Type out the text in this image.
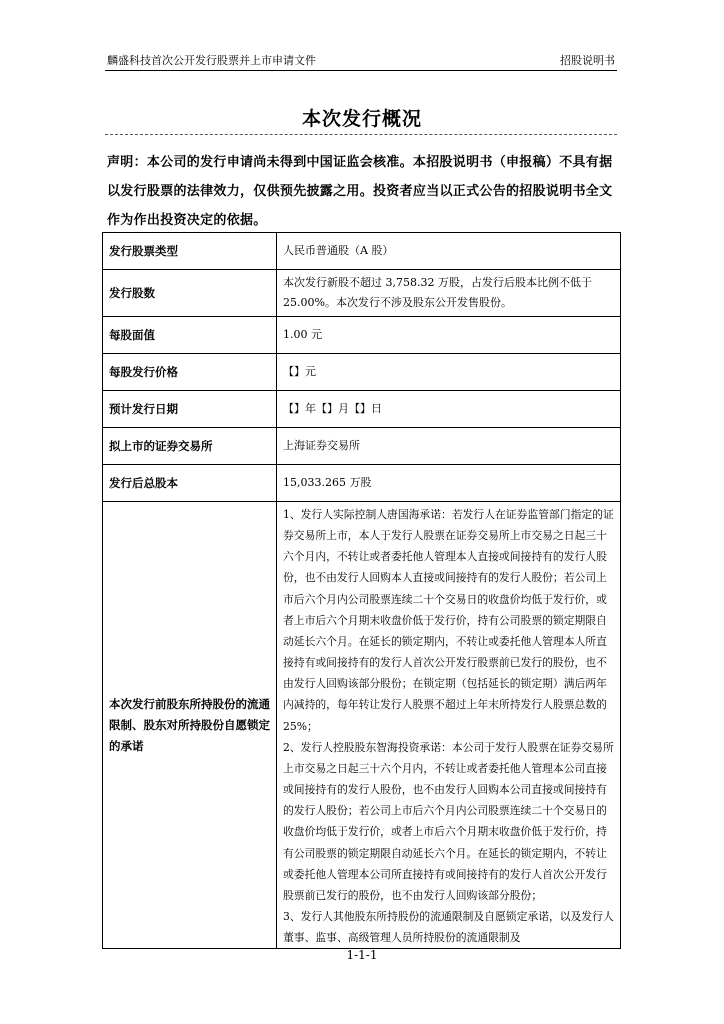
麟盛科技首次公开发行股票并上市申请文件	招股说明书
本次发行概况
声明：本公司的发行申请尚未得到中国证监会核准。本招股说明书（申报稿）不具有据以发行股票的法律效力，仅供预先披露之用。投资者应当以正式公告的招股说明书全文作为作出投资决定的依据。
发行股票类型	人民币普通股（A 股）
发行股数	本次发行新股不超过 3,758.32 万股，占发行后股本比例不低于 25.00%。本次发行不涉及股东公开发售股份。
每股面值	1.00 元
每股发行价格	【】元
预计发行日期	【】年【】月【】日
拟上市的证券交易所	上海证券交易所
发行后总股本	15,033.265 万股
本次发行前股东所持股份的流通限制、股东对所持股份自愿锁定的承诺	1、发行人实际控制人唐国海承诺：若发行人在证券监管部门指定的证券交易所上市，本人于发行人股票在证券交易所上市交易之日起三十六个月内，不转让或者委托他人管理本人直接或间接持有的发行人股份，也不由发行人回购本人直接或间接持有的发行人股份；若公司上市后六个月内公司股票连续二十个交易日的收盘价均低于发行价，或者上市后六个月期末收盘价低于发行价，持有公司股票的锁定期限自动延长六个月。在延长的锁定期内，不转让或委托他人管理本人所直接持有或间接持有的发行人首次公开发行股票前已发行的股份，也不由发行人回购该部分股份；在锁定期（包括延长的锁定期）满后两年内减持的，每年转让发行人股票不超过上年末所持发行人股票总数的 25%；
2、发行人控股股东智海投资承诺：本公司于发行人股票在证券交易所上市交易之日起三十六个月内，不转让或者委托他人管理本公司直接或间接持有的发行人股份，也不由发行人回购本公司直接或间接持有的发行人股份；若公司上市后六个月内公司股票连续二十个交易日的收盘价均低于发行价，或者上市后六个月期末收盘价低于发行价，持有公司股票的锁定期限自动延长六个月。在延长的锁定期内，不转让或委托他人管理本公司所直接持有或间接持有的发行人首次公开发行股票前已发行的股份，也不由发行人回购该部分股份；
3、发行人其他股东所持股份的流通限制及自愿锁定承诺，以及发行人董事、监事、高级管理人员所持股份的流通限制及
1-1-1
